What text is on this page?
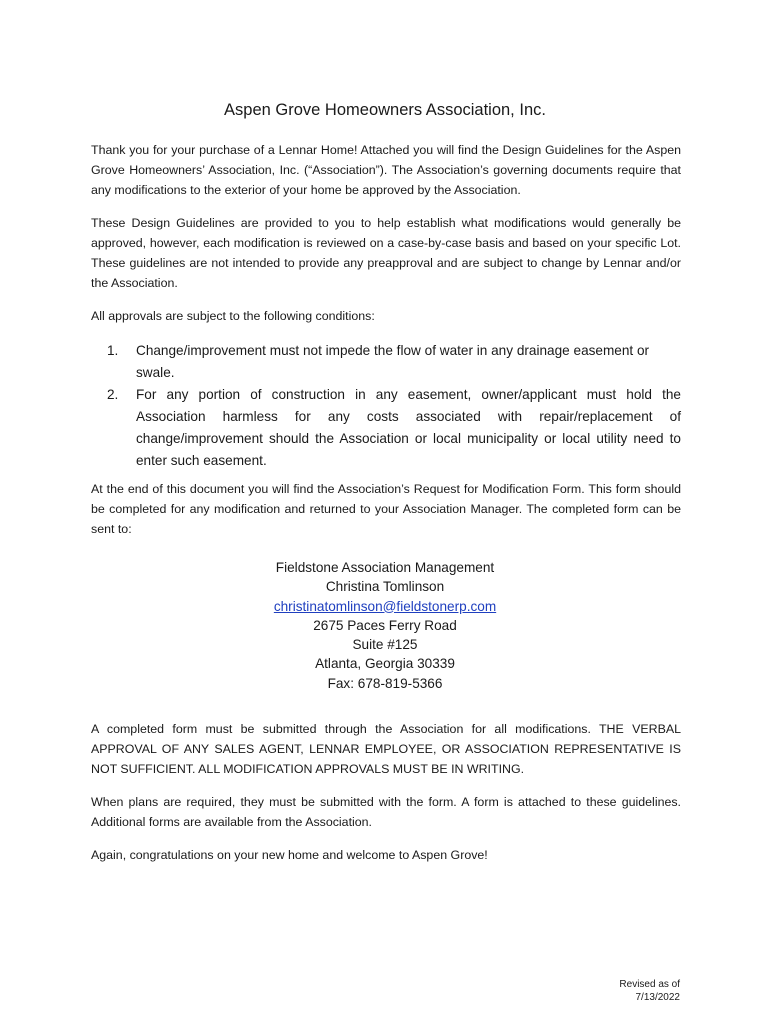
Aspen Grove Homeowners Association, Inc.

Thank you for your purchase of a Lennar Home! Attached you will find the Design Guidelines for the Aspen Grove Homeowners’ Association, Inc. (“Association”). The Association’s governing documents require that any modifications to the exterior of your home be approved by the Association.

These Design Guidelines are provided to you to help establish what modifications would generally be approved, however, each modification is reviewed on a case-by-case basis and based on your specific Lot. These guidelines are not intended to provide any preapproval and are subject to change by Lennar and/or the Association.

All approvals are subject to the following conditions:

1. Change/improvement must not impede the flow of water in any drainage easement or swale.
2. For any portion of construction in any easement, owner/applicant must hold the Association harmless for any costs associated with repair/replacement of change/improvement should the Association or local municipality or local utility need to enter such easement.

At the end of this document you will find the Association’s Request for Modification Form. This form should be completed for any modification and returned to your Association Manager. The completed form can be sent to:

Fieldstone Association Management
Christina Tomlinson
christinatomlinson@fieldstonerp.com
2675 Paces Ferry Road
Suite #125
Atlanta, Georgia 30339
Fax: 678-819-5366

A completed form must be submitted through the Association for all modifications. THE VERBAL APPROVAL OF ANY SALES AGENT, LENNAR EMPLOYEE, OR ASSOCIATION REPRESENTATIVE IS NOT SUFFICIENT. ALL MODIFICATION APPROVALS MUST BE IN WRITING.

When plans are required, they must be submitted with the form. A form is attached to these guidelines. Additional forms are available from the Association.

Again, congratulations on your new home and welcome to Aspen Grove!

Revised as of
7/13/2022
